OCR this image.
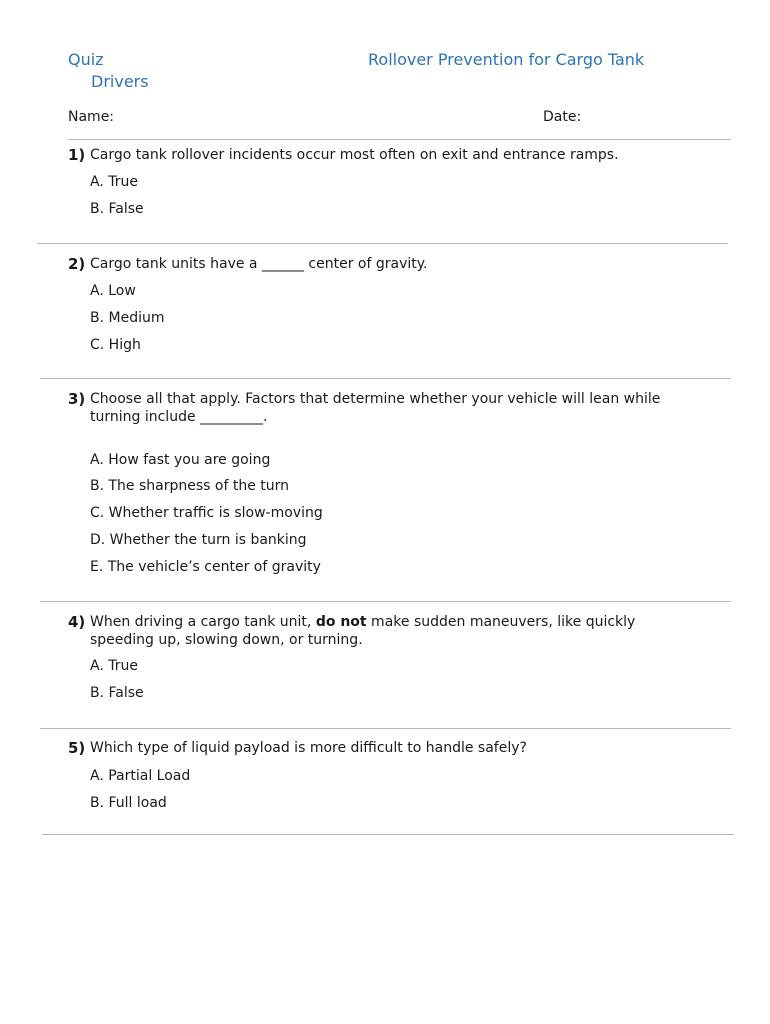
Quiz	Rollover Prevention for Cargo Tank
Drivers
Name:	Date:
1) Cargo tank rollover incidents occur most often on exit and entrance ramps.
A. True
B. False
2) Cargo tank units have a ______ center of gravity.
A. Low
B. Medium
C. High
3) Choose all that apply. Factors that determine whether your vehicle will lean while turning include _________.
A. How fast you are going
B. The sharpness of the turn
C. Whether traffic is slow-moving
D. Whether the turn is banking
E. The vehicle’s center of gravity
4) When driving a cargo tank unit, do not make sudden maneuvers, like quickly speeding up, slowing down, or turning.
A. True
B. False
5) Which type of liquid payload is more difficult to handle safely?
A. Partial Load
B. Full load
